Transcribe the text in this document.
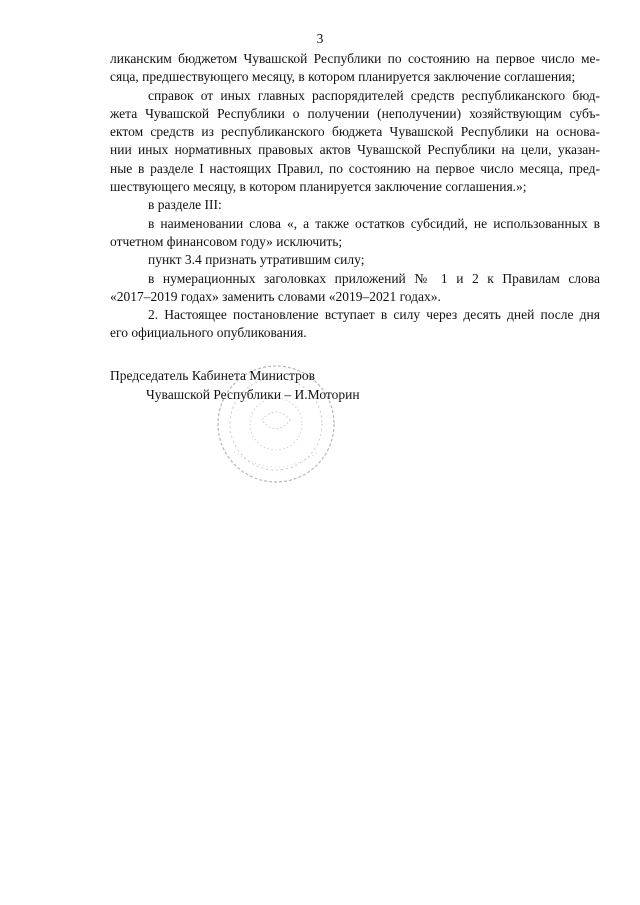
3
ликанским бюджетом Чувашской Республики по состоянию на первое число ме-
сяца, предшествующего месяцу, в котором планируется заключение соглашения;
справок от иных главных распорядителей средств республиканского бюд-
жета Чувашской Республики о получении (неполучении) хозяйствующим субъ-
ектом средств из республиканского бюджета Чувашской Республики на основа-
нии иных нормативных правовых актов Чувашской Республики на цели, указан-
ные в разделе I настоящих Правил, по состоянию на первое число месяца, пред-
шествующего месяцу, в котором планируется заключение соглашения.»;
в разделе III:
в наименовании слова «, а также остатков субсидий, не использованных в
отчетном финансовом году» исключить;
пункт 3.4 признать утратившим силу;
в нумерационных заголовках приложений № 1 и 2 к Правилам слова
«2017–2019 годах» заменить словами «2019–2021 годах».
2. Настоящее постановление вступает в силу через десять дней после дня
его официального опубликования.
Председатель Кабинета Министров
Чувашской Республики – И.Моторин
